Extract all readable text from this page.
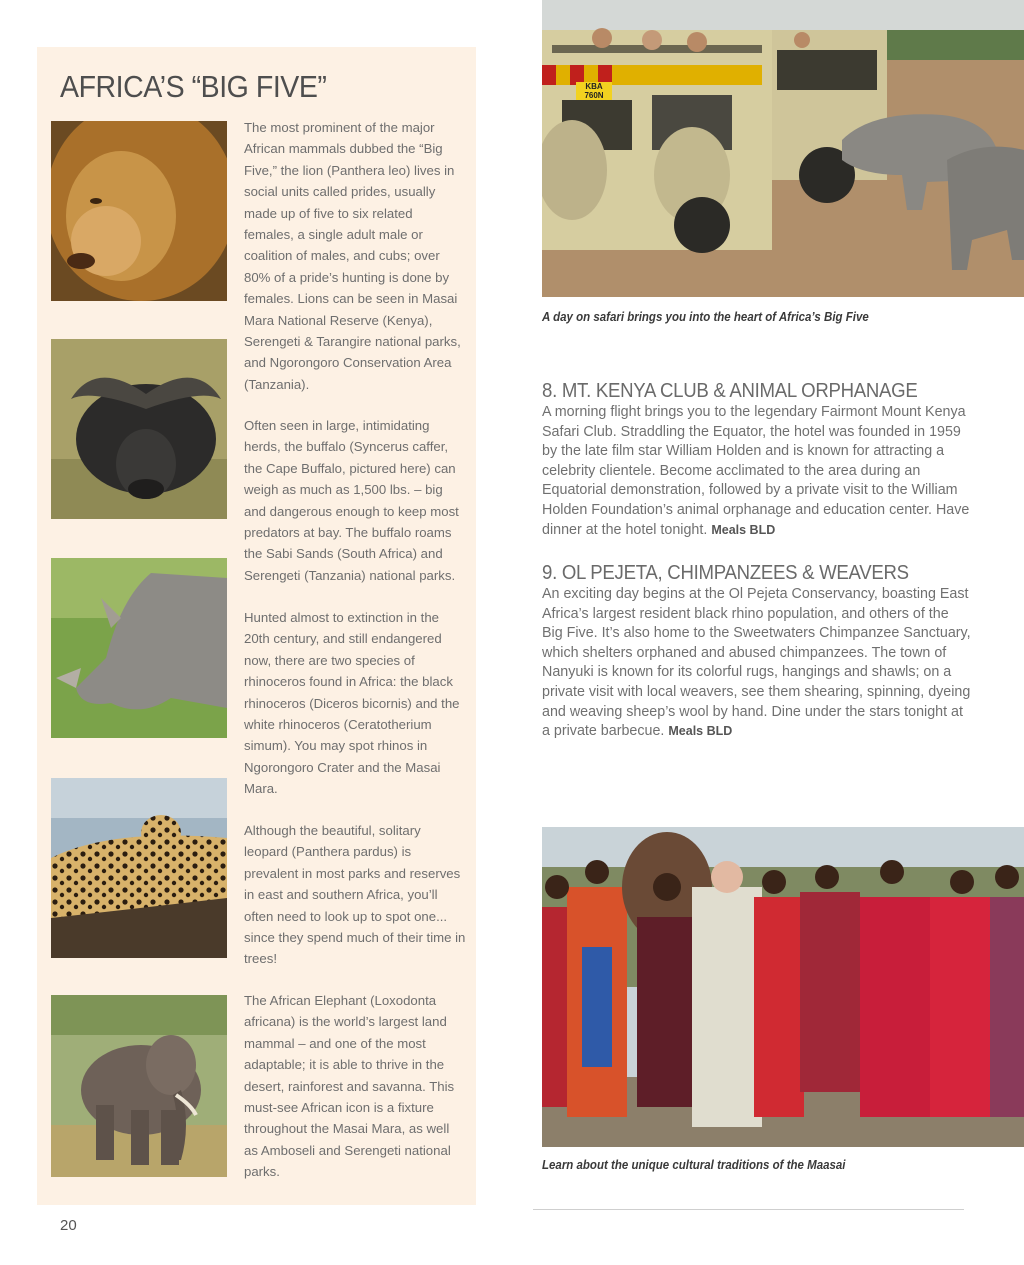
AFRICA’S “BIG FIVE”

The most prominent of the major African mammals dubbed the “Big Five,” the lion (Panthera leo) lives in social units called prides, usually made up of five to six related females, a single adult male or coalition of males, and cubs; over 80% of a pride’s hunting is done by females. Lions can be seen in Masai Mara National Reserve (Kenya), Serengeti & Tarangire national parks, and Ngorongoro Conservation Area (Tanzania).

Often seen in large, intimidating herds, the buffalo (Syncerus caffer, the Cape Buffalo, pictured here) can weigh as much as 1,500 lbs. – big and dangerous enough to keep most predators at bay. The buffalo roams the Sabi Sands (South Africa) and Serengeti (Tanzania) national parks.

Hunted almost to extinction in the 20th century, and still endangered now, there are two species of rhinoceros found in Africa: the black rhinoceros (Diceros bicornis) and the white rhinoceros (Ceratotherium simum). You may spot rhinos in Ngorongoro Crater and the Masai Mara.

Although the beautiful, solitary leopard (Panthera pardus) is prevalent in most parks and reserves in east and southern Africa, you’ll often need to look up to spot one... since they spend much of their time in trees!

The African Elephant (Loxodonta africana) is the world’s largest land mammal – and one of the most adaptable; it is able to thrive in the desert, rainforest and savanna. This must-see African icon is a fixture throughout the Masai Mara, as well as Amboseli and Serengeti national parks.

KBA 760N

A day on safari brings you into the heart of Africa’s Big Five

8. MT. KENYA CLUB & ANIMAL ORPHANAGE

A morning flight brings you to the legendary Fairmont Mount Kenya Safari Club. Straddling the Equator, the hotel was founded in 1959 by the late film star William Holden and is known for attracting a celebrity clientele. Become acclimated to the area during an Equatorial demonstration, followed by a private visit to the William Holden Foundation’s animal orphanage and education center. Have dinner at the hotel tonight. Meals BLD

9. OL PEJETA, CHIMPANZEES & WEAVERS

An exciting day begins at the Ol Pejeta Conservancy, boasting East Africa’s largest resident black rhino population, and others of the Big Five. It’s also home to the Sweetwaters Chimpanzee Sanctuary, which shelters orphaned and abused chimpanzees. The town of Nanyuki is known for its colorful rugs, hangings and shawls; on a private visit with local weavers, see them shearing, spinning, dyeing and weaving sheep’s wool by hand. Dine under the stars tonight at a private barbecue. Meals BLD

Learn about the unique cultural traditions of the Maasai

20
